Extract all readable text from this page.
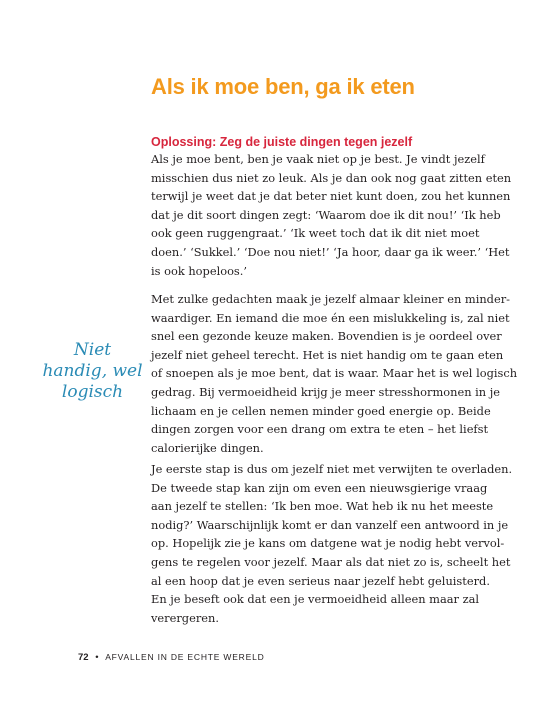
Als ik moe ben, ga ik eten
Oplossing: Zeg de juiste dingen tegen jezelf
Als je moe bent, ben je vaak niet op je best. Je vindt jezelf
misschien dus niet zo leuk. Als je dan ook nog gaat zitten eten
terwijl je weet dat je dat beter niet kunt doen, zou het kunnen
dat je dit soort dingen zegt: ‘Waarom doe ik dit nou!’ ‘Ik heb
ook geen ruggengraat.’ ‘Ik weet toch dat ik dit niet moet
doen.’ ‘Sukkel.’ ‘Doe nou niet!’ ‘Ja hoor, daar ga ik weer.’ ‘Het
is ook hopeloos.’
Niet
handig, wel
logisch
Met zulke gedachten maak je jezelf almaar kleiner en minder-
waardiger. En iemand die moe én een mislukkeling is, zal niet
snel een gezonde keuze maken. Bovendien is je oordeel over
jezelf niet geheel terecht. Het is niet handig om te gaan eten
of snoepen als je moe bent, dat is waar. Maar het is wel logisch
gedrag. Bij vermoeidheid krijg je meer stresshormonen in je
lichaam en je cellen nemen minder goed energie op. Beide
dingen zorgen voor een drang om extra te eten – het liefst
calorierijke dingen.
Je eerste stap is dus om jezelf niet met verwijten te overladen.
De tweede stap kan zijn om even een nieuwsgierige vraag
aan jezelf te stellen: ‘Ik ben moe. Wat heb ik nu het meeste
nodig?’ Waarschijnlijk komt er dan vanzelf een antwoord in je
op. Hopelijk zie je kans om datgene wat je nodig hebt vervol-
gens te regelen voor jezelf. Maar als dat niet zo is, scheelt het
al een hoop dat je even serieus naar jezelf hebt geluisterd.
En je beseft ook dat een je vermoeidheid alleen maar zal
verergeren.
72 • AFVALLEN IN DE ECHTE WERELD
